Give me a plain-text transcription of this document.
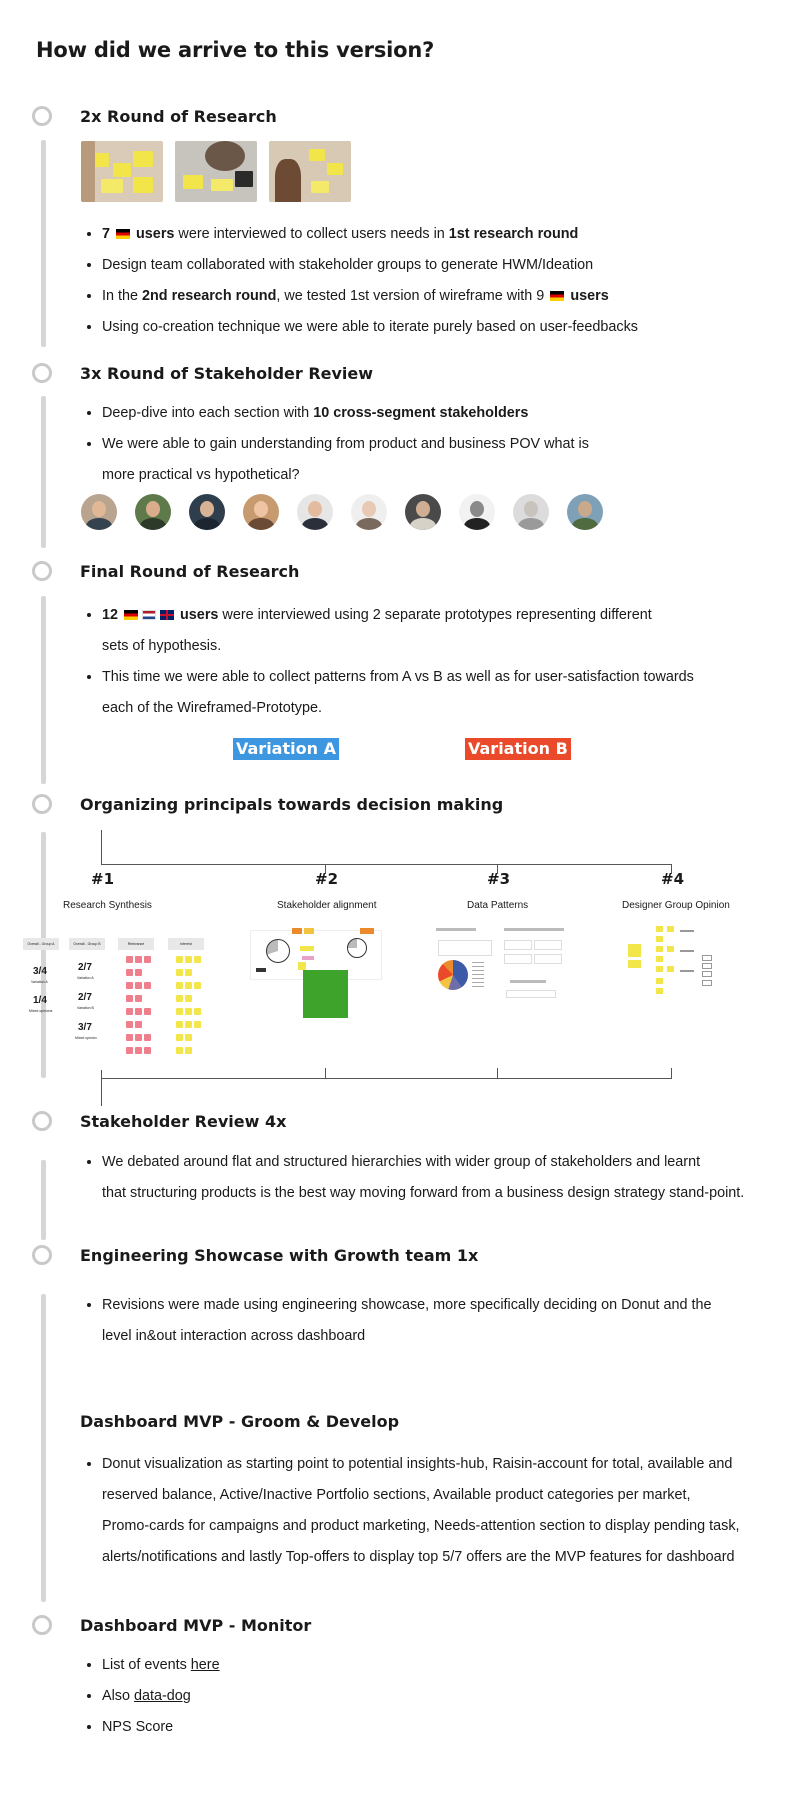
How did we arrive to this version?
2x Round of Research
• 7  users were interviewed to collect users needs in 1st research round
• Design team collaborated with stakeholder groups to generate HWM/Ideation
• In the 2nd research round, we tested 1st version of wireframe with 9  users
• Using co-creation technique we were able to iterate purely based on user-feedbacks
3x Round of Stakeholder Review
• Deep-dive into each section with 10 cross-segment stakeholders
• We were able to gain understanding from product and business POV what is
more practical vs hypothetical?
Final Round of Research
• 12	users were interviewed using 2 separate prototypes representing different
sets of hypothesis.
• This time we were able to collect patterns from A vs B as well as for user-satisfaction towards
each of the Wireframed-Prototype.
Variation A	Variation B
Organizing principals towards decision making
#1	#2	#3	#4
Research Synthesis	Stakeholder alignment	Data Patterns	Designer Group Opinion
Overall - Group A	Overall - Group B	Relevance	Interest
3/4
Variation A
1/4
Mixed opinions
2/7
Variation A
2/7
Variation B
3/7
Mixed opinion
Stakeholder Review 4x
• We debated around flat and structured hierarchies with wider group of stakeholders and learnt
that structuring products is the best way moving forward from a business design strategy stand-point.
Engineering Showcase with Growth team 1x
• Revisions were made using engineering showcase, more specifically deciding on Donut and the
level in&out interaction across dashboard
Dashboard MVP - Groom & Develop
• Donut visualization as starting point to potential insights-hub, Raisin-account for total, available and
reserved balance, Active/Inactive Portfolio sections, Available product categories per market,
Promo-cards for campaigns and product marketing, Needs-attention section to display pending task,
alerts/notifications and lastly Top-offers to display top 5/7 offers are the MVP features for dashboard
Dashboard MVP - Monitor
• List of events here
• Also data-dog
• NPS Score
